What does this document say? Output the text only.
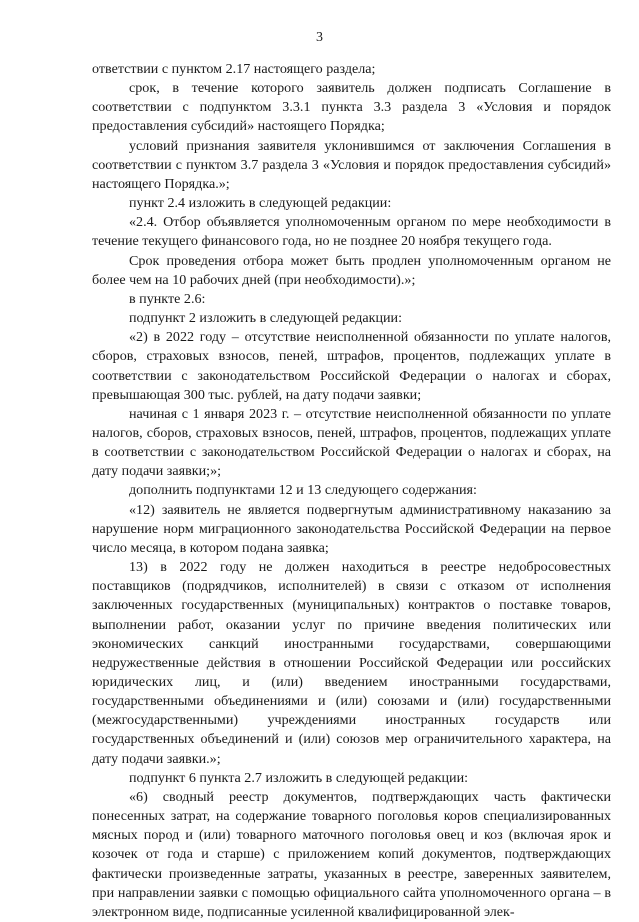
3

ответствии с пунктом 2.17 настоящего раздела;

срок, в течение которого заявитель должен подписать Соглашение в соответствии с подпунктом 3.3.1 пункта 3.3 раздела 3 «Условия и порядок предоставления субсидий» настоящего Порядка;

условий признания заявителя уклонившимся от заключения Соглашения в соответствии с пунктом 3.7 раздела 3 «Условия и порядок предоставления субсидий» настоящего Порядка.»;

пункт 2.4 изложить в следующей редакции:

«2.4. Отбор объявляется уполномоченным органом по мере необходимости в течение текущего финансового года, но не позднее 20 ноября текущего года.

Срок проведения отбора может быть продлен уполномоченным органом не более чем на 10 рабочих дней (при необходимости).»;

в пункте 2.6:

подпункт 2 изложить в следующей редакции:

«2) в 2022 году – отсутствие неисполненной обязанности по уплате налогов, сборов, страховых взносов, пеней, штрафов, процентов, подлежащих уплате в соответствии с законодательством Российской Федерации о налогах и сборах, превышающая 300 тыс. рублей, на дату подачи заявки;

начиная с 1 января 2023 г. – отсутствие неисполненной обязанности по уплате налогов, сборов, страховых взносов, пеней, штрафов, процентов, подлежащих уплате в соответствии с законодательством Российской Федерации о налогах и сборах, на дату подачи заявки;»;

дополнить подпунктами 12 и 13 следующего содержания:

«12) заявитель не является подвергнутым административному наказанию за нарушение норм миграционного законодательства Российской Федерации на первое число месяца, в котором подана заявка;

13) в 2022 году не должен находиться в реестре недобросовестных поставщиков (подрядчиков, исполнителей) в связи с отказом от исполнения заключенных государственных (муниципальных) контрактов о поставке товаров, выполнении работ, оказании услуг по причине введения политических или экономических санкций иностранными государствами, совершающими недружественные действия в отношении Российской Федерации или российских юридических лиц, и (или) введением иностранными государствами, государственными объединениями и (или) союзами и (или) государственными (межгосударственными) учреждениями иностранных государств или государственных объединений и (или) союзов мер ограничительного характера, на дату подачи заявки.»;

подпункт 6 пункта 2.7 изложить в следующей редакции:

«6) сводный реестр документов, подтверждающих часть фактически понесенных затрат, на содержание товарного поголовья коров специализированных мясных пород и (или) товарного маточного поголовья овец и коз (включая ярок и козочек от года и старше) с приложением копий документов, подтверждающих фактически произведенные затраты, указанных в реестре, заверенных заявителем, при направлении заявки с помощью официального сайта уполномоченного органа – в электронном виде, подписанные усиленной квалифицированной элек-
